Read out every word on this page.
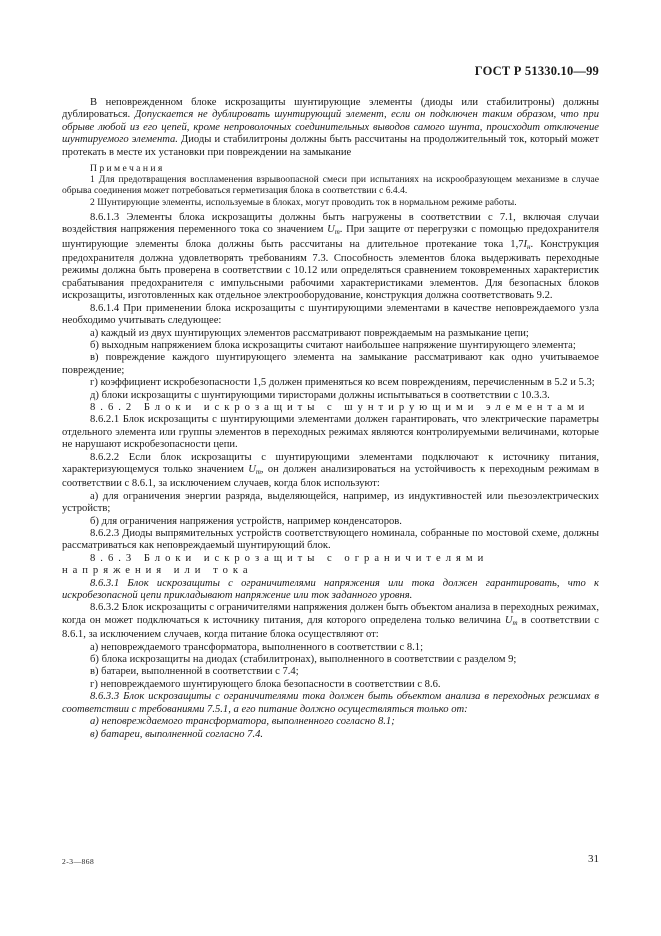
ГОСТ Р 51330.10—99

В неповрежденном блоке искрозащиты шунтирующие элементы (диоды или стабилитроны) должны дублироваться. Допускается не дублировать шунтирующий элемент, если он подключен таким образом, что при обрыве любой из его цепей, кроме непроволочных соединительных выводов самого шунта, происходит отключение шунтируемого элемента. Диоды и стабилитроны должны быть рассчитаны на продолжительный ток, который может протекать в месте их установки при повреждении на замыкание

Примечания

1 Для предотвращения воспламенения взрывоопасной смеси при испытаниях на искрообразующем механизме в случае обрыва соединения может потребоваться герметизация блока в соответствии с 6.4.4.

2 Шунтирующие элементы, используемые в блоках, могут проводить ток в нормальном режиме работы.

8.6.1.3 Элементы блока искрозащиты должны быть нагружены в соответствии с 7.1, включая случаи воздействия напряжения переменного тока со значением $U_m$. При защите от перегрузки с помощью предохранителя шунтирующие элементы блока должны быть рассчитаны на длительное протекание тока $1,7I_н$. Конструкция предохранителя должна удовлетворять требованиям 7.3. Способность элементов блока выдерживать переходные режимы должна быть проверена в соответствии с 10.12 или определяться сравнением токовременных характеристик срабатывания предохранителя с импульсными рабочими характеристиками элементов. Для безопасных блоков искрозащиты, изготовленных как отдельное электрооборудование, конструкция должна соответствовать 9.2.

8.6.1.4 При применении блока искрозащиты с шунтирующими элементами в качестве неповреждаемого узла необходимо учитывать следующее:

а) каждый из двух шунтирующих элементов рассматривают повреждаемым на размыкание цепи;

б) выходным напряжением блока искрозащиты считают наибольшее напряжение шунтирующего элемента;

в) повреждение каждого шунтирующего элемента на замыкание рассматривают как одно учитываемое повреждение;

г) коэффициент искробезопасности 1,5 должен применяться ко всем повреждениям, перечисленным в 5.2 и 5.3;

д) блоки искрозащиты с шунтирующими тиристорами должны испытываться в соответствии с 10.3.3.

8.6.2 Блоки искрозащиты с шунтирующими элементами

8.6.2.1 Блок искрозащиты с шунтирующими элементами должен гарантировать, что электрические параметры отдельного элемента или группы элементов в переходных режимах являются контролируемыми величинами, которые не нарушают искробезопасности цепи.

8.6.2.2 Если блок искрозащиты с шунтирующими элементами подключают к источнику питания, характеризующемуся только значением $U_m$, он должен анализироваться на устойчивость к переходным режимам в соответствии с 8.6.1, за исключением случаев, когда блок используют:

а) для ограничения энергии разряда, выделяющейся, например, из индуктивностей или пьезоэлектрических устройств;

б) для ограничения напряжения устройств, например конденсаторов.

8.6.2.3 Диоды выпрямительных устройств соответствующего номинала, собранные по мостовой схеме, должны рассматриваться как неповреждаемый шунтирующий блок.

8.6.3 Блоки искрозащиты с ограничителями напряжения или тока

8.6.3.1 Блок искрозащиты с ограничителями напряжения или тока должен гарантировать, что к искробезопасной цепи прикладывают напряжение или ток заданного уровня.

8.6.3.2 Блок искрозащиты с ограничителями напряжения должен быть объектом анализа в переходных режимах, когда он может подключаться к источнику питания, для которого определена только величина $U_m$ в соответствии с 8.6.1, за исключением случаев, когда питание блока осуществляют от:

а) неповреждаемого трансформатора, выполненного в соответствии с 8.1;

б) блока искрозащиты на диодах (стабилитронах), выполненного в соответствии с разделом 9;

в) батареи, выполненной в соответствии с 7.4;

г) неповреждаемого шунтирующего блока безопасности в соответствии с 8.6.

8.6.3.3 Блок искрозащиты с ограничителями тока должен быть объектом анализа в переходных режимах в соответствии с требованиями 7.5.1, а его питание должно осуществляться только от:

а) неповреждаемого трансформатора, выполненного согласно 8.1;

в) батареи, выполненной согласно 7.4.

2-3—868	31
